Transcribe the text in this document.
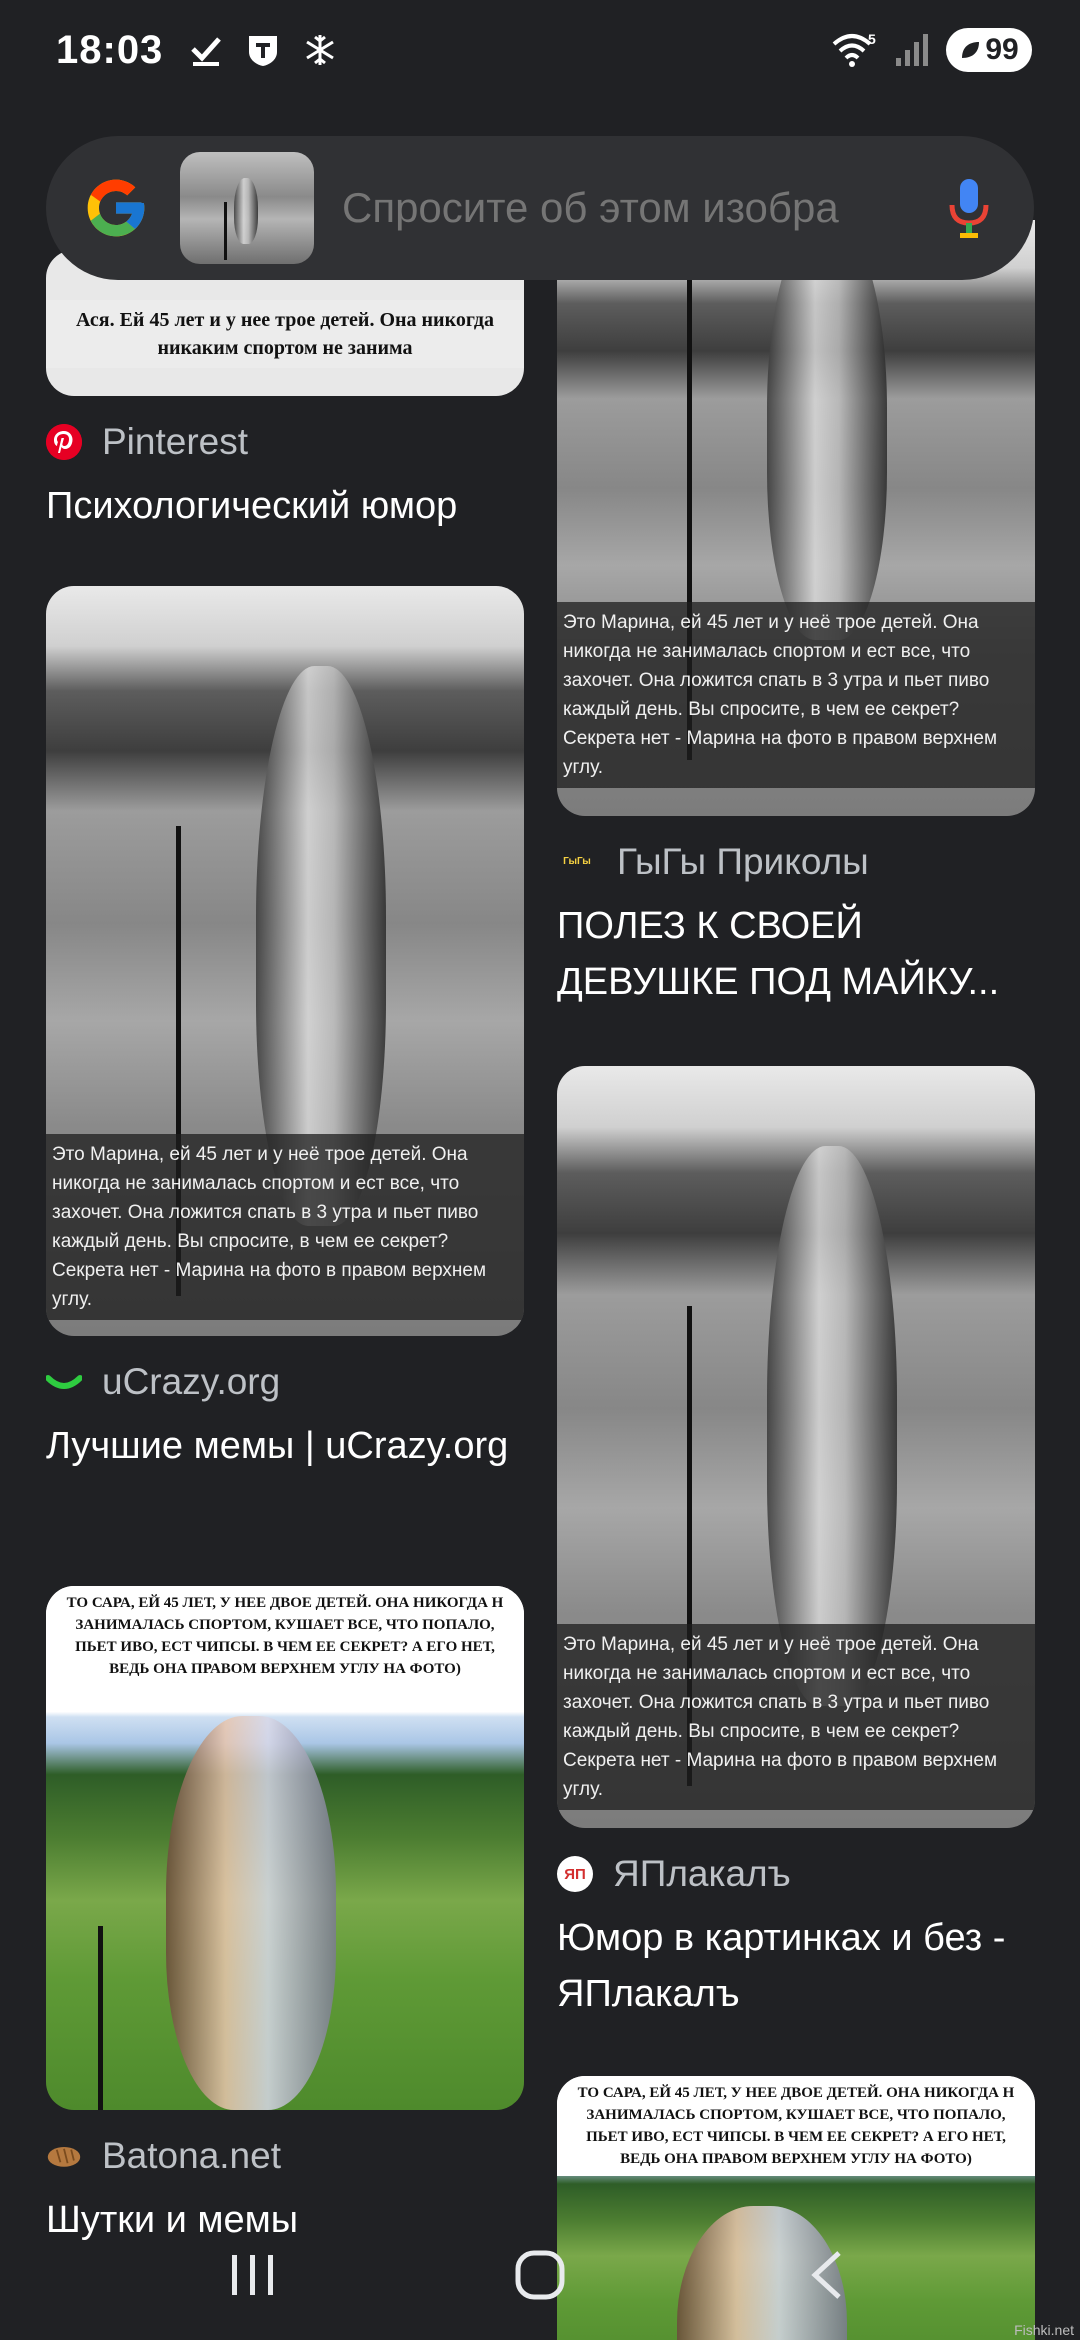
18:03	5	99
Спросите об этом изобра
Ася. Ей 45 лет и у нее трое детей. Она никогда никаким спортом не занима
Pinterest
Психологический юмор
Это Марина, ей 45 лет и у неё трое детей. Она никогда не занималась спортом и ест все, что захочет. Она ложится спать в 3 утра и пьет пиво каждый день. Вы спросите, в чем ее секрет? Секрета нет - Марина на фото в правом верхнем углу.
uCrazy.org
Лучшие мемы | uCrazy.org
ТО САРА, ЕЙ 45 ЛЕТ, У НЕЕ ДВОЕ ДЕТЕЙ. ОНА НИКОГДА Н ЗАНИМАЛАСЬ СПОРТОМ, КУШАЕТ ВСЕ, ЧТО ПОПАЛО, ПЬЕТ ИВО, ЕСТ ЧИПСЫ. В ЧЕМ ЕЕ СЕКРЕТ? А ЕГО НЕТ, ВЕДЬ ОНА ПРАВОМ ВЕРХНЕМ УГЛУ НА ФОТО)
Batona.net
Шутки и мемы
Это Марина, ей 45 лет и у неё трое детей. Она никогда не занималась спортом и ест все, что захочет. Она ложится спать в 3 утра и пьет пиво каждый день. Вы спросите, в чем ее секрет? Секрета нет - Марина на фото в правом верхнем углу.
ГыГы ГыГы Приколы
ПОЛЕЗ К СВОЕЙ ДЕВУШКЕ ПОД МАЙКУ...
Это Марина, ей 45 лет и у неё трое детей. Она никогда не занималась спортом и ест все, что захочет. Она ложится спать в 3 утра и пьет пиво каждый день. Вы спросите, в чем ее секрет? Секрета нет - Марина на фото в правом верхнем углу.
ЯП ЯПлакалъ
Юмор в картинках и без - ЯПлакалъ
ТО САРА, ЕЙ 45 ЛЕТ, У НЕЕ ДВОЕ ДЕТЕЙ. ОНА НИКОГДА Н ЗАНИМАЛАСЬ СПОРТОМ, КУШАЕТ ВСЕ, ЧТО ПОПАЛО, ПЬЕТ ИВО, ЕСТ ЧИПСЫ. В ЧЕМ ЕЕ СЕКРЕТ? А ЕГО НЕТ, ВЕДЬ ОНА ПРАВОМ ВЕРХНЕМ УГЛУ НА ФОТО)
Fishki.net
